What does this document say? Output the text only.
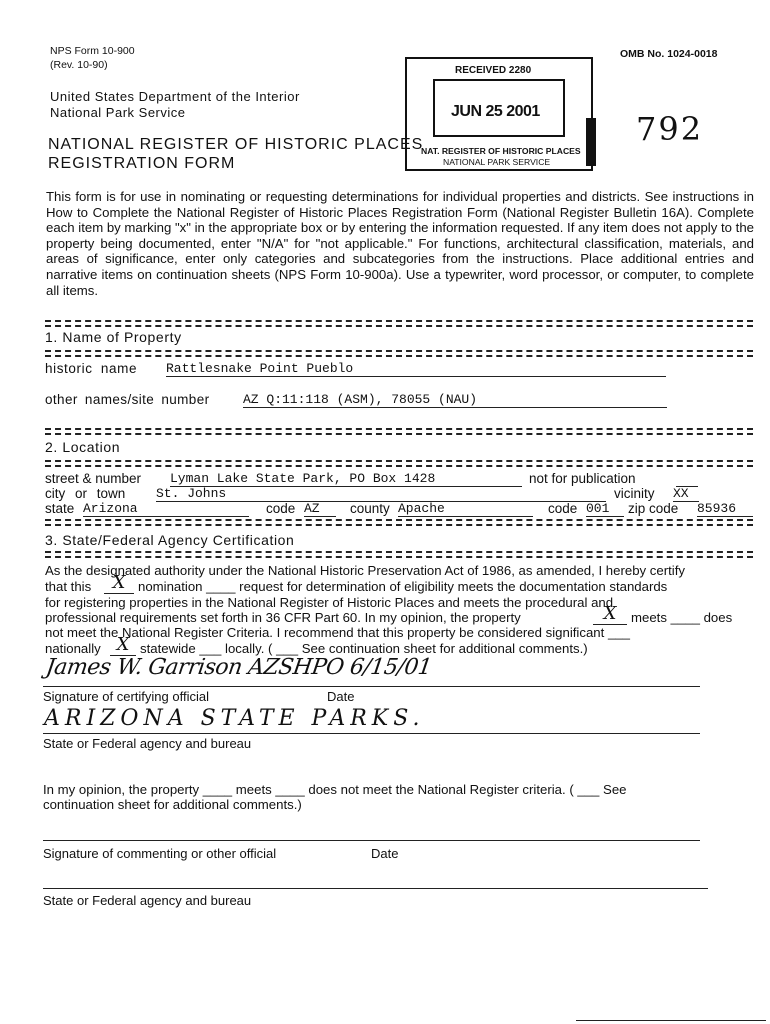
NPS Form 10-900
(Rev. 10-90)
OMB No. 1024-0018
United States Department of the Interior
National Park Service
NATIONAL REGISTER OF HISTORIC PLACES
REGISTRATION FORM
RECEIVED 2280
JUN 25 2001
NAT. REGISTER OF HISTORIC PLACES
NATIONAL PARK SERVICE
792

This form is for use in nominating or requesting determinations for individual properties and districts. See instructions in How to Complete the National Register of Historic Places Registration Form (National Register Bulletin 16A). Complete each item by marking "x" in the appropriate box or by entering the information requested. If any item does not apply to the property being documented, enter "N/A" for "not applicable." For functions, architectural classification, materials, and areas of significance, enter only categories and subcategories from the instructions. Place additional entries and narrative items on continuation sheets (NPS Form 10-900a). Use a typewriter, word processor, or computer, to complete all items.

1. Name of Property
historic name Rattlesnake Point Pueblo
other names/site number	AZ Q:11:118 (ASM), 78055 (NAU)
2. Location
street & number Lyman Lake State Park, PO Box 1428	not for publication
city or town St. Johns	vicinity XX
state Arizona	code AZ	county Apache	code 001	zip code 85936
3. State/Federal Agency Certification
As the designated authority under the National Historic Preservation Act of 1986, as amended, I hereby certify
that this	X nomination ____ request for determination of eligibility meets the documentation standards
for registering properties in the National Register of Historic Places and meets the procedural and
professional requirements set forth in 36 CFR Part 60. In my opinion, the property	X	meets ____ does
not meet the National Register Criteria. I recommend that this property be considered significant ___
nationally X statewide ___ locally. ( ___ See continuation sheet for additional comments.)
James W. Garrison AZSHPO 6/15/01
Signature of certifying official	Date
ARIZONA STATE PARKS.
State or Federal agency and bureau
In my opinion, the property ____ meets ____ does not meet the National Register criteria. ( ___ See
continuation sheet for additional comments.)
Signature of commenting or other official	Date
State or Federal agency and bureau
